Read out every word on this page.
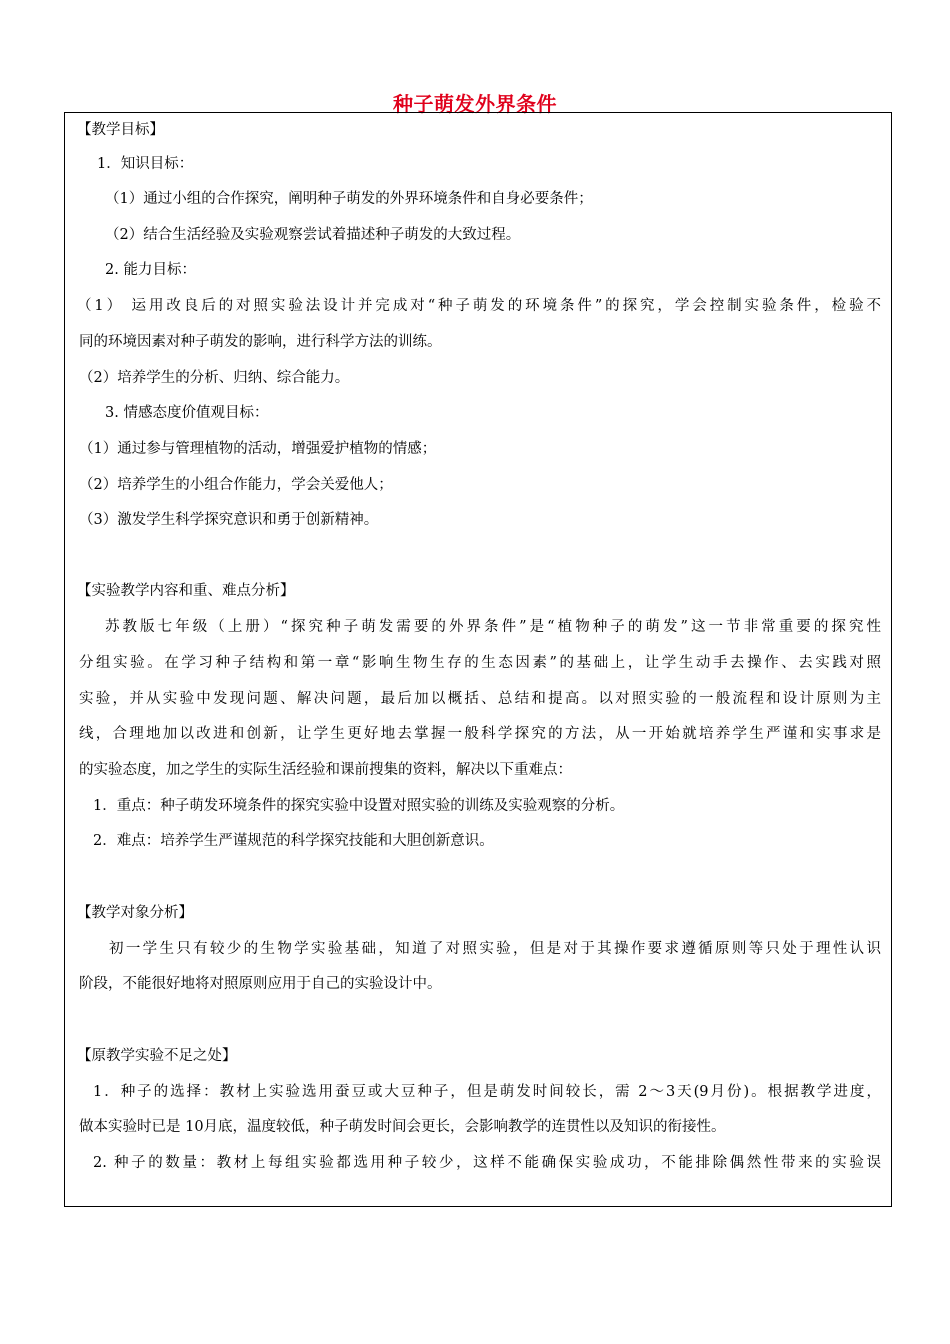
种子萌发外界条件
【教学目标】
1．知识目标：
（1）通过小组的合作探究，阐明种子萌发的外界环境条件和自身必要条件；
（2）结合生活经验及实验观察尝试着描述种子萌发的大致过程。
2. 能力目标：
（1） 运用改良后的对照实验法设计并完成对“种子萌发的环境条件”的探究，学会控制实验条件，检验不
同的环境因素对种子萌发的影响，进行科学方法的训练。
（2）培养学生的分析、归纳、综合能力。
3. 情感态度价值观目标：
（1）通过参与管理植物的活动，增强爱护植物的情感；
（2）培养学生的小组合作能力，学会关爱他人；
（3）激发学生科学探究意识和勇于创新精神。
【实验教学内容和重、难点分析】
苏教版七年级（上册）“探究种子萌发需要的外界条件”是“植物种子的萌发”这一节非常重要的探究性
分组实验。在学习种子结构和第一章“影响生物生存的生态因素”的基础上，让学生动手去操作、去实践对照
实验，并从实验中发现问题、解决问题，最后加以概括、总结和提高。以对照实验的一般流程和设计原则为主
线，合理地加以改进和创新，让学生更好地去掌握一般科学探究的方法，从一开始就培养学生严谨和实事求是
的实验态度，加之学生的实际生活经验和课前搜集的资料，解决以下重难点：
1．重点：种子萌发环境条件的探究实验中设置对照实验的训练及实验观察的分析。
2．难点：培养学生严谨规范的科学探究技能和大胆创新意识。
【教学对象分析】
初一学生只有较少的生物学实验基础，知道了对照实验，但是对于其操作要求遵循原则等只处于理性认识
阶段，不能很好地将对照原则应用于自己的实验设计中。
【原教学实验不足之处】
1．种子的选择：教材上实验选用蚕豆或大豆种子，但是萌发时间较长，需 2～3天(9月份)。根据教学进度，
做本实验时已是 10月底，温度较低，种子萌发时间会更长，会影响教学的连贯性以及知识的衔接性。
2. 种子的数量：教材上每组实验都选用种子较少，这样不能确保实验成功，不能排除偶然性带来的实验误
